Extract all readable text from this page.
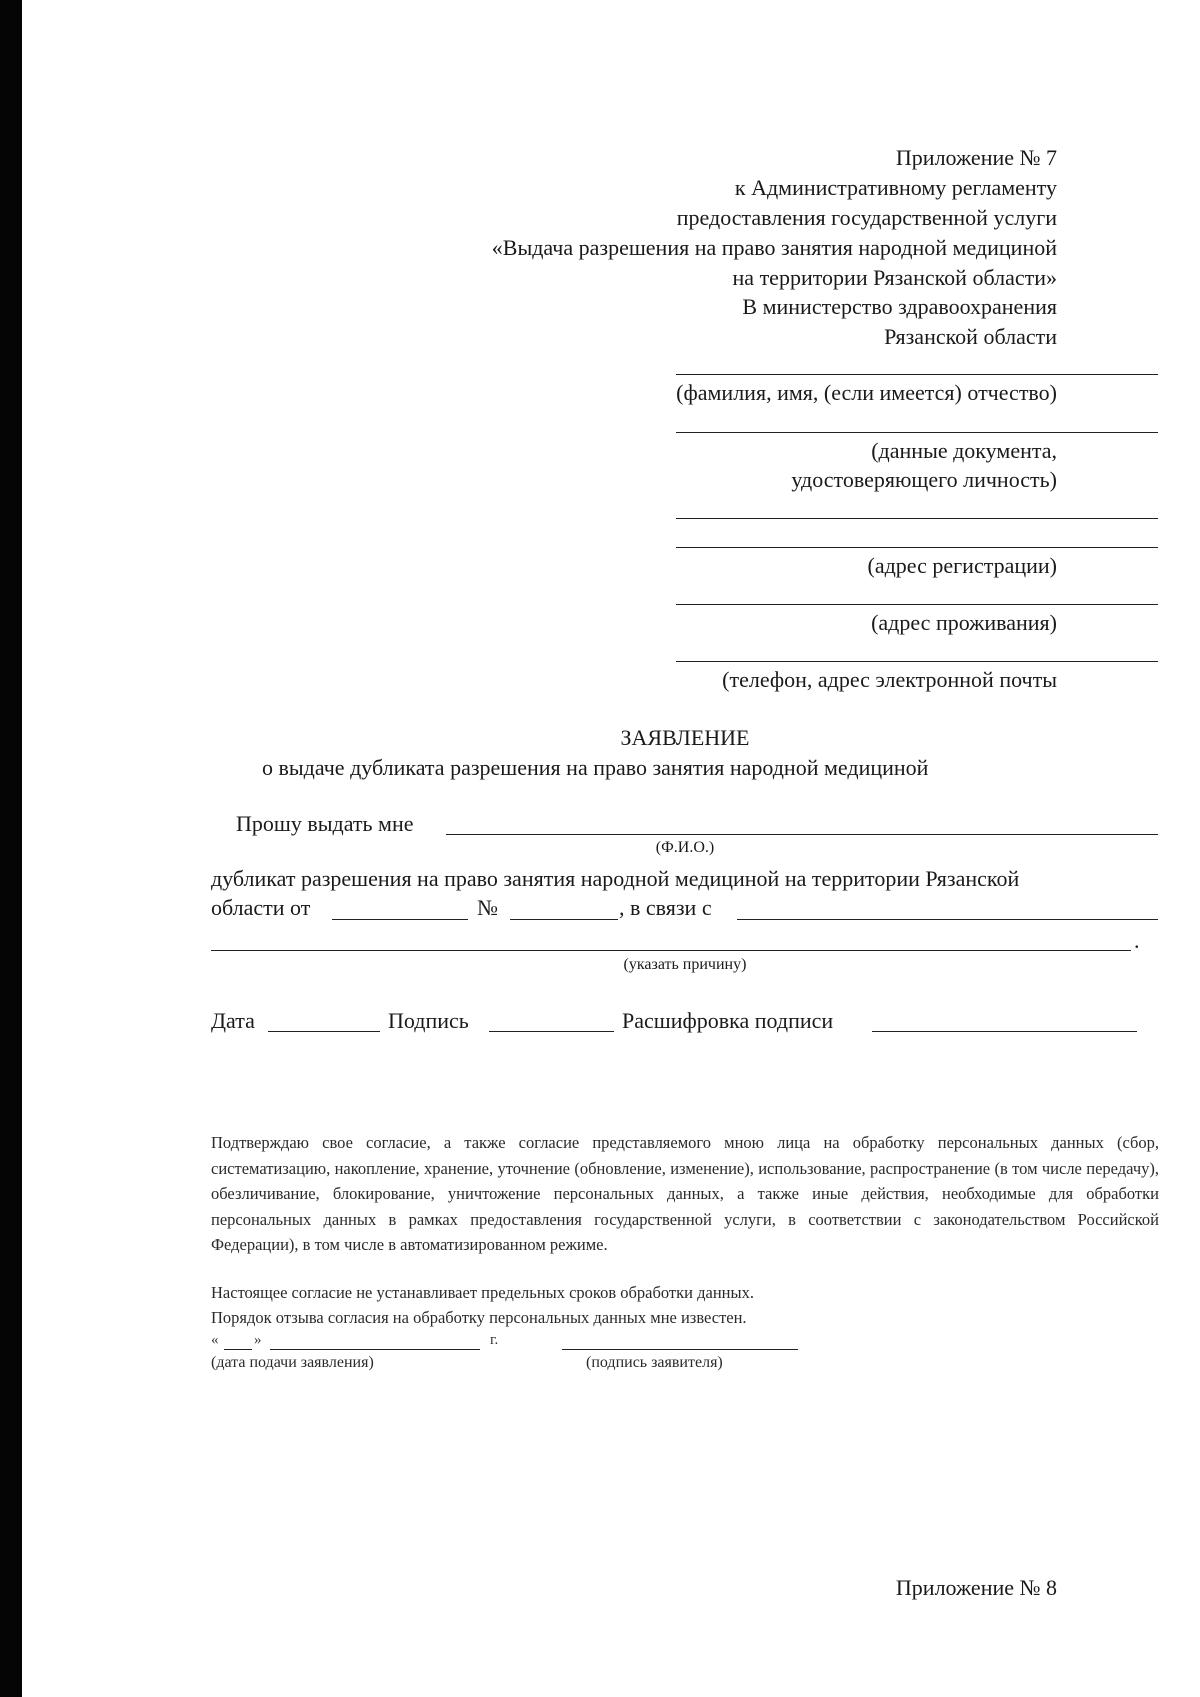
Приложение № 7
к Административному регламенту
предоставления государственной услуги
«Выдача разрешения на право занятия народной медициной
на территории Рязанской области»
В министерство здравоохранения
Рязанской области
(фамилия, имя, (если имеется) отчество)
(данные документа,
удостоверяющего личность)
(адрес регистрации)
(адрес проживания)
(телефон, адрес электронной почты
ЗАЯВЛЕНИЕ
о выдаче дубликата разрешения на право занятия народной медициной
Прошу выдать мне
(Ф.И.О.)
дубликат разрешения на право занятия народной медициной на территории Рязанской
области от	№	, в связи с
.
(указать причину)
Дата	Подпись	Расшифровка подписи
Подтверждаю свое согласие, а также согласие представляемого мною лица на обработку персональных данных (сбор, систематизацию, накопление, хранение, уточнение (обновление, изменение), использование, распространение (в том числе передачу), обезличивание, блокирование, уничтожение персональных данных, а также иные действия, необходимые для обработки персональных данных в рамках предоставления государственной услуги, в соответствии с законодательством Российской Федерации), в том числе в автоматизированном режиме.
Настоящее согласие не устанавливает предельных сроков обработки данных.
Порядок отзыва согласия на обработку персональных данных мне известен.
« »	г.
(дата подачи заявления)	(подпись заявителя)
Приложение № 8
